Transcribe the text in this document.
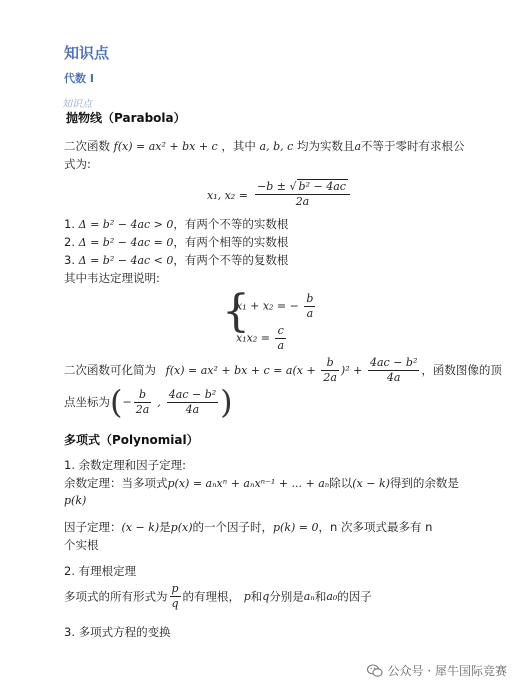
知识点
代数 I
知识点
抛物线（Parabola）
二次函数 f(x) = ax² + bx + c ，其中 a, b, c 均为实数且a不等于零时有求根公
式为:
x₁, $x_2 = \frac{\text{−b ± √ b² − 4ac}}{2a}$
1. Δ = b² − 4ac > 0，有两个不等的实数根
2. Δ = b² − 4ac = 0，有两个相等的实数根
3. Δ = b² − 4ac < 0，有两个不等的复数根
其中韦达定理说明:
{
x₁ + x₂ = − $\frac{b}{a}$
$x_1x_2 = \frac{c}{a}$
二次函数可化简为 f(x) = ax² + bx + $c = a(x + \frac{b}{2a} )^2 + \frac{\text{4ac − b²}}{4a}$ ，函数图像的顶
点坐标为(− $\frac{b}{2a}$ , $\frac{\text{4ac − b²}}{4a}$ )
多项式（Polynomial）
1. 余数定理和因子定理:
余数定理：当多项式p(x) = aₙxⁿ + aₙxⁿ⁻¹ + ... + aₙ除以(x − k)得到的余数是
p(k)
因子定理：(x − k)是p(x)的一个因子时，p(k) = 0，n 次多项式最多有 n
个实根
2. 有理根定理
多项式的所有形式为 $\frac{p}{q}$ 的有理根， p和q分别是aₙ和a₀的因子
3. 多项式方程的变换
公众号 · 犀牛国际竞赛
